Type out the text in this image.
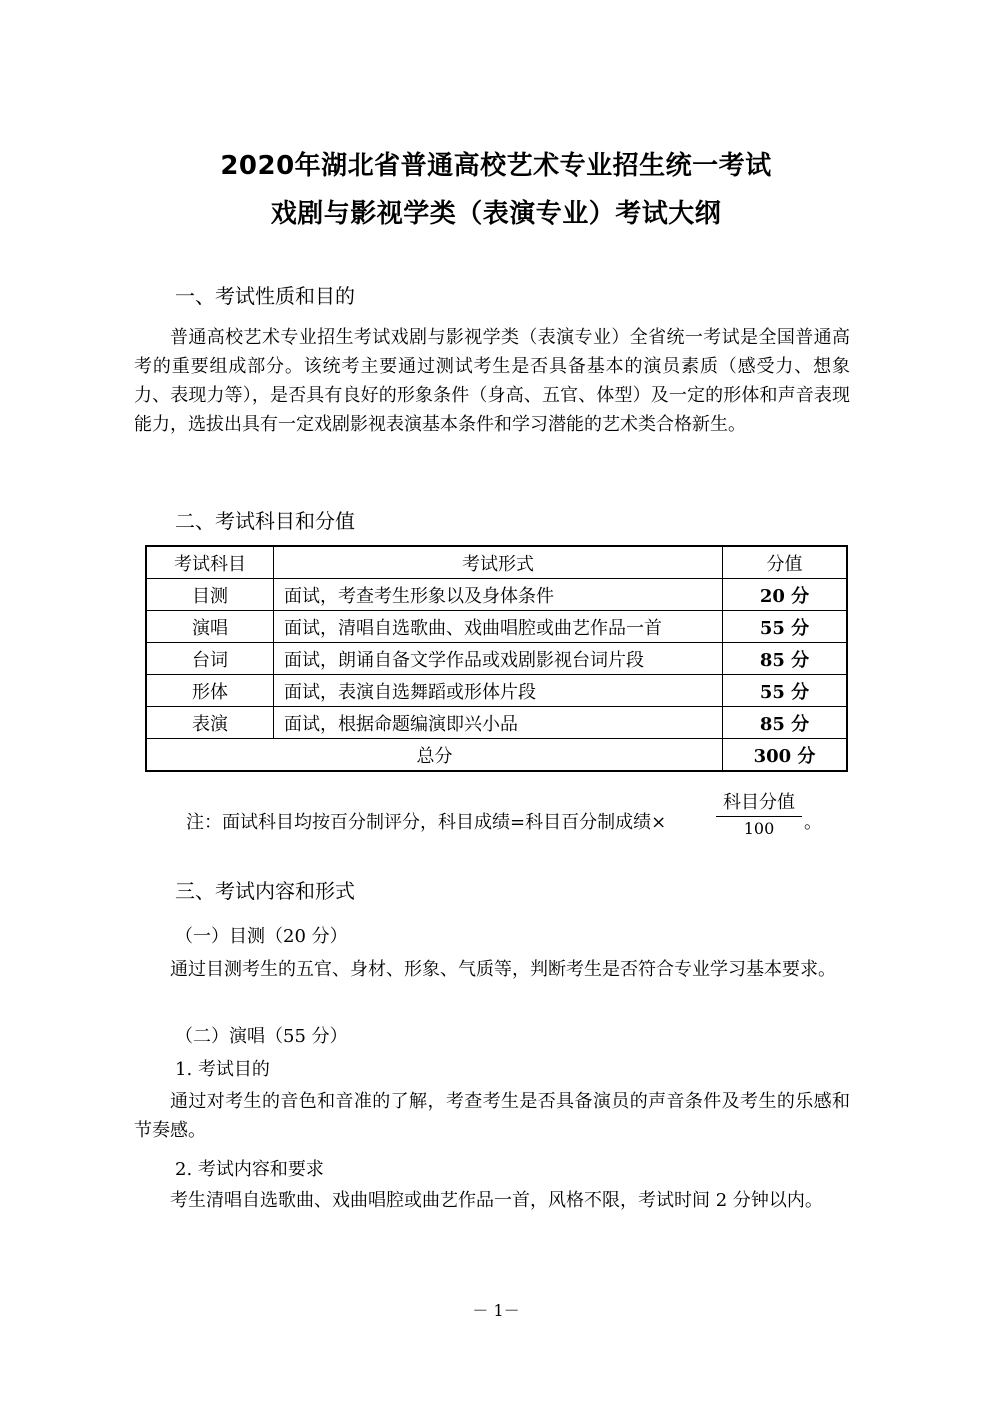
2020年湖北省普通高校艺术专业招生统一考试
戏剧与影视学类（表演专业）考试大纲
一、考试性质和目的

普通高校艺术专业招生考试戏剧与影视学类（表演专业）全省统一考试是全国普通高考的重要组成部分。该统考主要通过测试考生是否具备基本的演员素质（感受力、想象力、表现力等），是否具有良好的形象条件（身高、五官、体型）及一定的形体和声音表现能力，选拔出具有一定戏剧影视表演基本条件和学习潜能的艺术类合格新生。

二、考试科目和分值
考试科目	考试形式	分值
目测	面试，考查考生形象以及身体条件	20 分
演唱	面试，清唱自选歌曲、戏曲唱腔或曲艺作品一首	55 分
台词	面试，朗诵自备文学作品或戏剧影视台词片段	85 分
形体	面试，表演自选舞蹈或形体片段	55 分
表演	面试，根据命题编演即兴小品	85 分
总分		300 分
注：面试科目均按百分制评分，科目成绩=科目百分制成绩×
科目分值
100	。
三、考试内容和形式
（一）目测（20 分）

通过目测考生的五官、身材、形象、气质等，判断考生是否符合专业学习基本要求。

（二）演唱（55 分）
1. 考试目的

通过对考生的音色和音准的了解，考查考生是否具备演员的声音条件及考生的乐感和节奏感。

2. 考试内容和要求

考生清唱自选歌曲、戏曲唱腔或曲艺作品一首，风格不限，考试时间 2 分钟以内。

－ 1－
